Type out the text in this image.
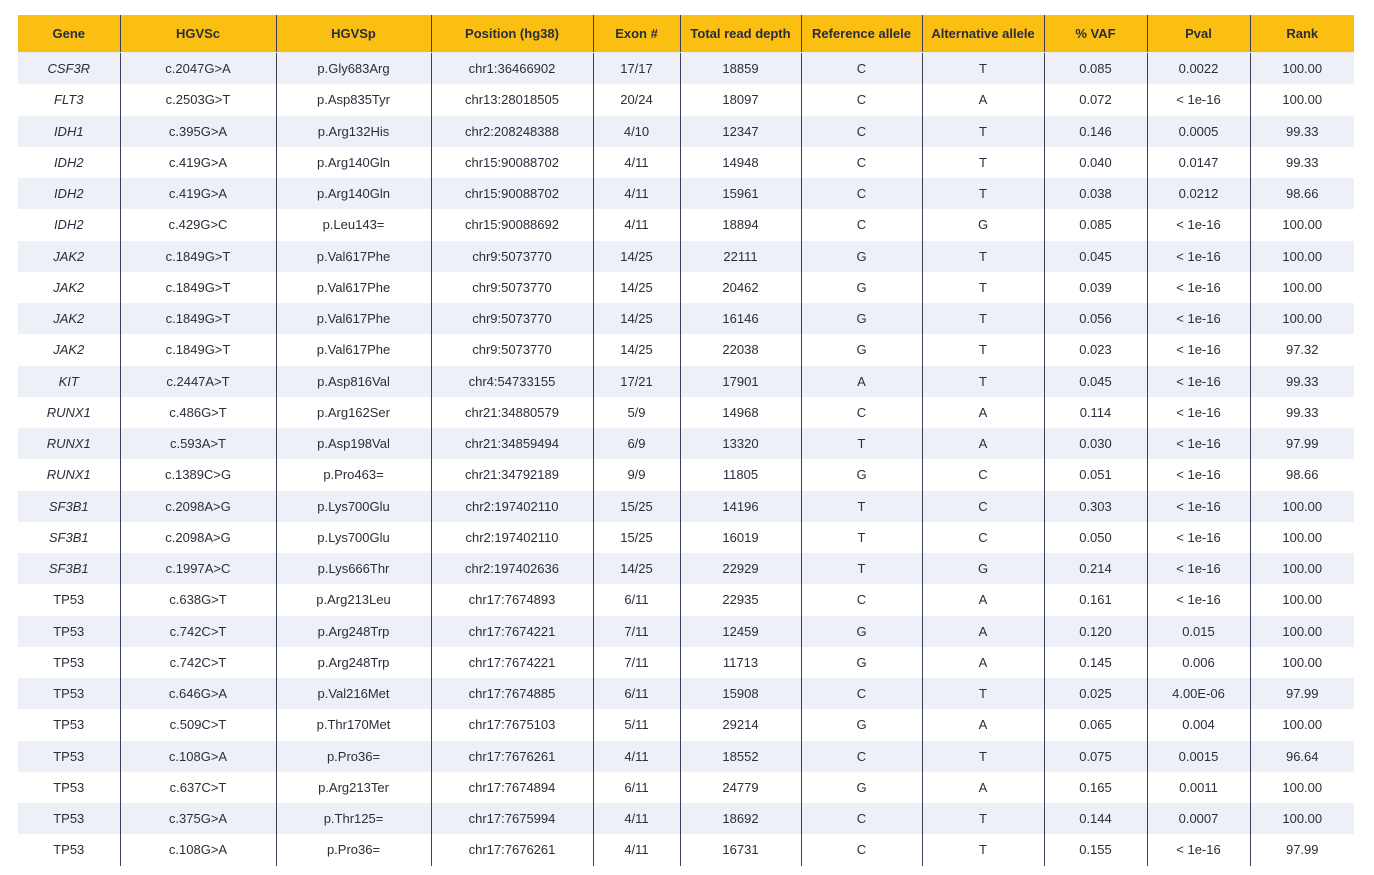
Gene	HGVSc	HGVSp	Position (hg38)	Exon #	Total read depth	Reference allele	Alternative allele	% VAF	Pval	Rank
CSF3R	c.2047G>A	p.Gly683Arg	chr1:36466902	17/17	18859	C	T	0.085	0.0022	100.00
FLT3	c.2503G>T	p.Asp835Tyr	chr13:28018505	20/24	18097	C	A	0.072	< 1e-16	100.00
IDH1	c.395G>A	p.Arg132His	chr2:208248388	4/10	12347	C	T	0.146	0.0005	99.33
IDH2	c.419G>A	p.Arg140Gln	chr15:90088702	4/11	14948	C	T	0.040	0.0147	99.33
IDH2	c.419G>A	p.Arg140Gln	chr15:90088702	4/11	15961	C	T	0.038	0.0212	98.66
IDH2	c.429G>C	p.Leu143=	chr15:90088692	4/11	18894	C	G	0.085	< 1e-16	100.00
JAK2	c.1849G>T	p.Val617Phe	chr9:5073770	14/25	22111	G	T	0.045	< 1e-16	100.00
JAK2	c.1849G>T	p.Val617Phe	chr9:5073770	14/25	20462	G	T	0.039	< 1e-16	100.00
JAK2	c.1849G>T	p.Val617Phe	chr9:5073770	14/25	16146	G	T	0.056	< 1e-16	100.00
JAK2	c.1849G>T	p.Val617Phe	chr9:5073770	14/25	22038	G	T	0.023	< 1e-16	97.32
KIT	c.2447A>T	p.Asp816Val	chr4:54733155	17/21	17901	A	T	0.045	< 1e-16	99.33
RUNX1	c.486G>T	p.Arg162Ser	chr21:34880579	5/9	14968	C	A	0.114	< 1e-16	99.33
RUNX1	c.593A>T	p.Asp198Val	chr21:34859494	6/9	13320	T	A	0.030	< 1e-16	97.99
RUNX1	c.1389C>G	p.Pro463=	chr21:34792189	9/9	11805	G	C	0.051	< 1e-16	98.66
SF3B1	c.2098A>G	p.Lys700Glu	chr2:197402110	15/25	14196	T	C	0.303	< 1e-16	100.00
SF3B1	c.2098A>G	p.Lys700Glu	chr2:197402110	15/25	16019	T	C	0.050	< 1e-16	100.00
SF3B1	c.1997A>C	p.Lys666Thr	chr2:197402636	14/25	22929	T	G	0.214	< 1e-16	100.00
TP53	c.638G>T	p.Arg213Leu	chr17:7674893	6/11	22935	C	A	0.161	< 1e-16	100.00
TP53	c.742C>T	p.Arg248Trp	chr17:7674221	7/11	12459	G	A	0.120	0.015	100.00
TP53	c.742C>T	p.Arg248Trp	chr17:7674221	7/11	11713	G	A	0.145	0.006	100.00
TP53	c.646G>A	p.Val216Met	chr17:7674885	6/11	15908	C	T	0.025	4.00E-06	97.99
TP53	c.509C>T	p.Thr170Met	chr17:7675103	5/11	29214	G	A	0.065	0.004	100.00
TP53	c.108G>A	p.Pro36=	chr17:7676261	4/11	18552	C	T	0.075	0.0015	96.64
TP53	c.637C>T	p.Arg213Ter	chr17:7674894	6/11	24779	G	A	0.165	0.0011	100.00
TP53	c.375G>A	p.Thr125=	chr17:7675994	4/11	18692	C	T	0.144	0.0007	100.00
TP53	c.108G>A	p.Pro36=	chr17:7676261	4/11	16731	C	T	0.155	< 1e-16	97.99
